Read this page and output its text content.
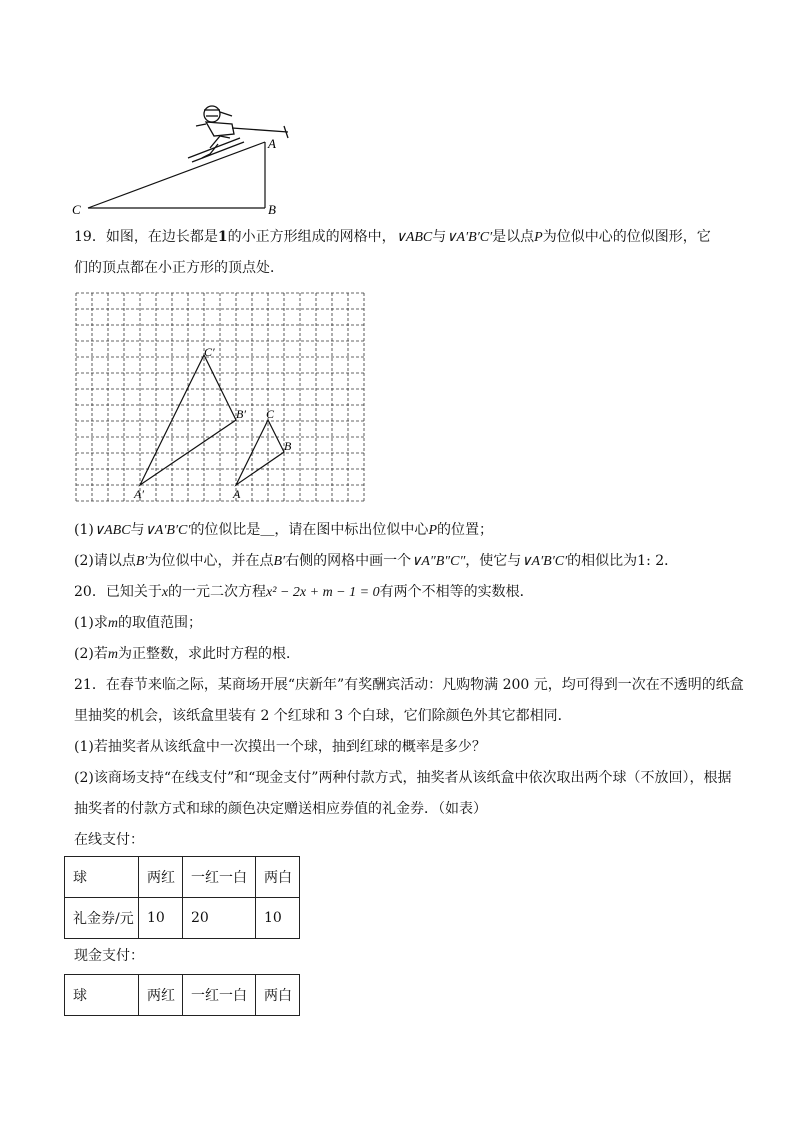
A
B
C
19．如图，在边长都是1的小正方形组成的网格中，∨ABC与∨A′B′C′是以点P为位似中心的位似图形，它
们的顶点都在小正方形的顶点处．
A′
C′
B′
A
C
B
(1)∨ABC与∨A′B′C′的位似比是＿，请在图中标出位似中心P的位置；
(2)请以点B′为位似中心，并在点B′右侧的网格中画一个∨A″B″C″，使它与∨A′B′C′的相似比为1: 2．
20．已知关于x的一元二次方程x² − 2x + m − 1 = 0有两个不相等的实数根．
(1)求m的取值范围；
(2)若m为正整数，求此时方程的根．
21．在春节来临之际，某商场开展“庆新年”有奖酬宾活动：凡购物满 200 元，均可得到一次在不透明的纸盒
里抽奖的机会，该纸盒里装有 2 个红球和 3 个白球，它们除颜色外其它都相同．
(1)若抽奖者从该纸盒中一次摸出一个球，抽到红球的概率是多少？
(2)该商场支持“在线支付”和“现金支付”两种付款方式，抽奖者从该纸盒中依次取出两个球（不放回），根据
抽奖者的付款方式和球的颜色决定赠送相应券值的礼金券．（如表）
在线支付：
球	两红	一红一白	两白
礼金券/元	10	20	10
现金支付：
球	两红	一红一白	两白
